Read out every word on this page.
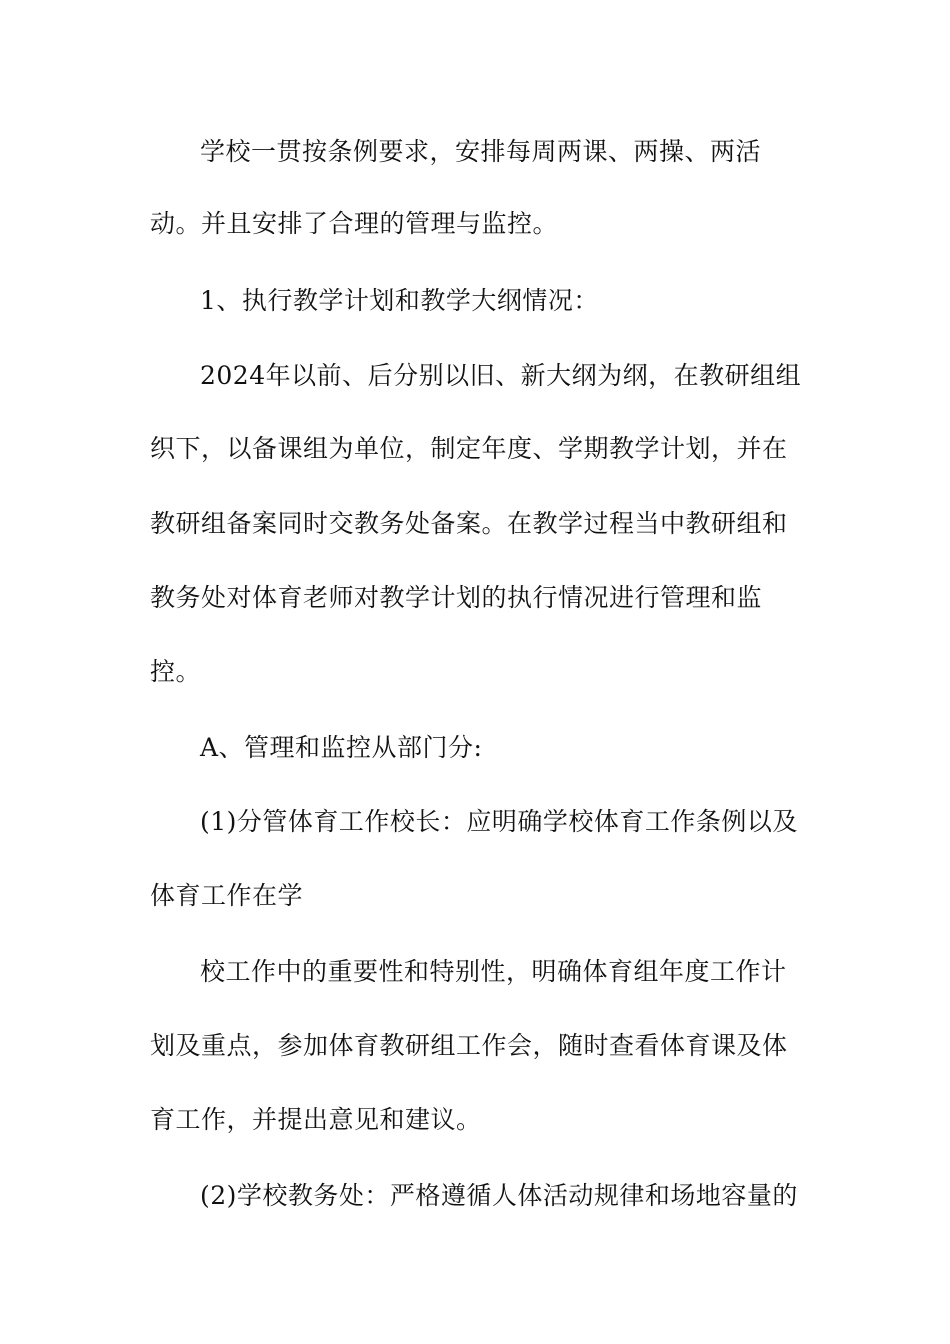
学校一贯按条例要求，安排每周两课、两操、两活
动。并且安排了合理的管理与监控。
1、执行教学计划和教学大纲情况：
2024年以前、后分别以旧、新大纲为纲，在教研组组
织下，以备课组为单位，制定年度、学期教学计划，并在
教研组备案同时交教务处备案。在教学过程当中教研组和
教务处对体育老师对教学计划的执行情况进行管理和监
控。
A、管理和监控从部门分:
(1)分管体育工作校长：应明确学校体育工作条例以及
体育工作在学
校工作中的重要性和特别性，明确体育组年度工作计
划及重点，参加体育教研组工作会，随时查看体育课及体
育工作，并提出意见和建议。
(2)学校教务处：严格遵循人体活动规律和场地容量的
